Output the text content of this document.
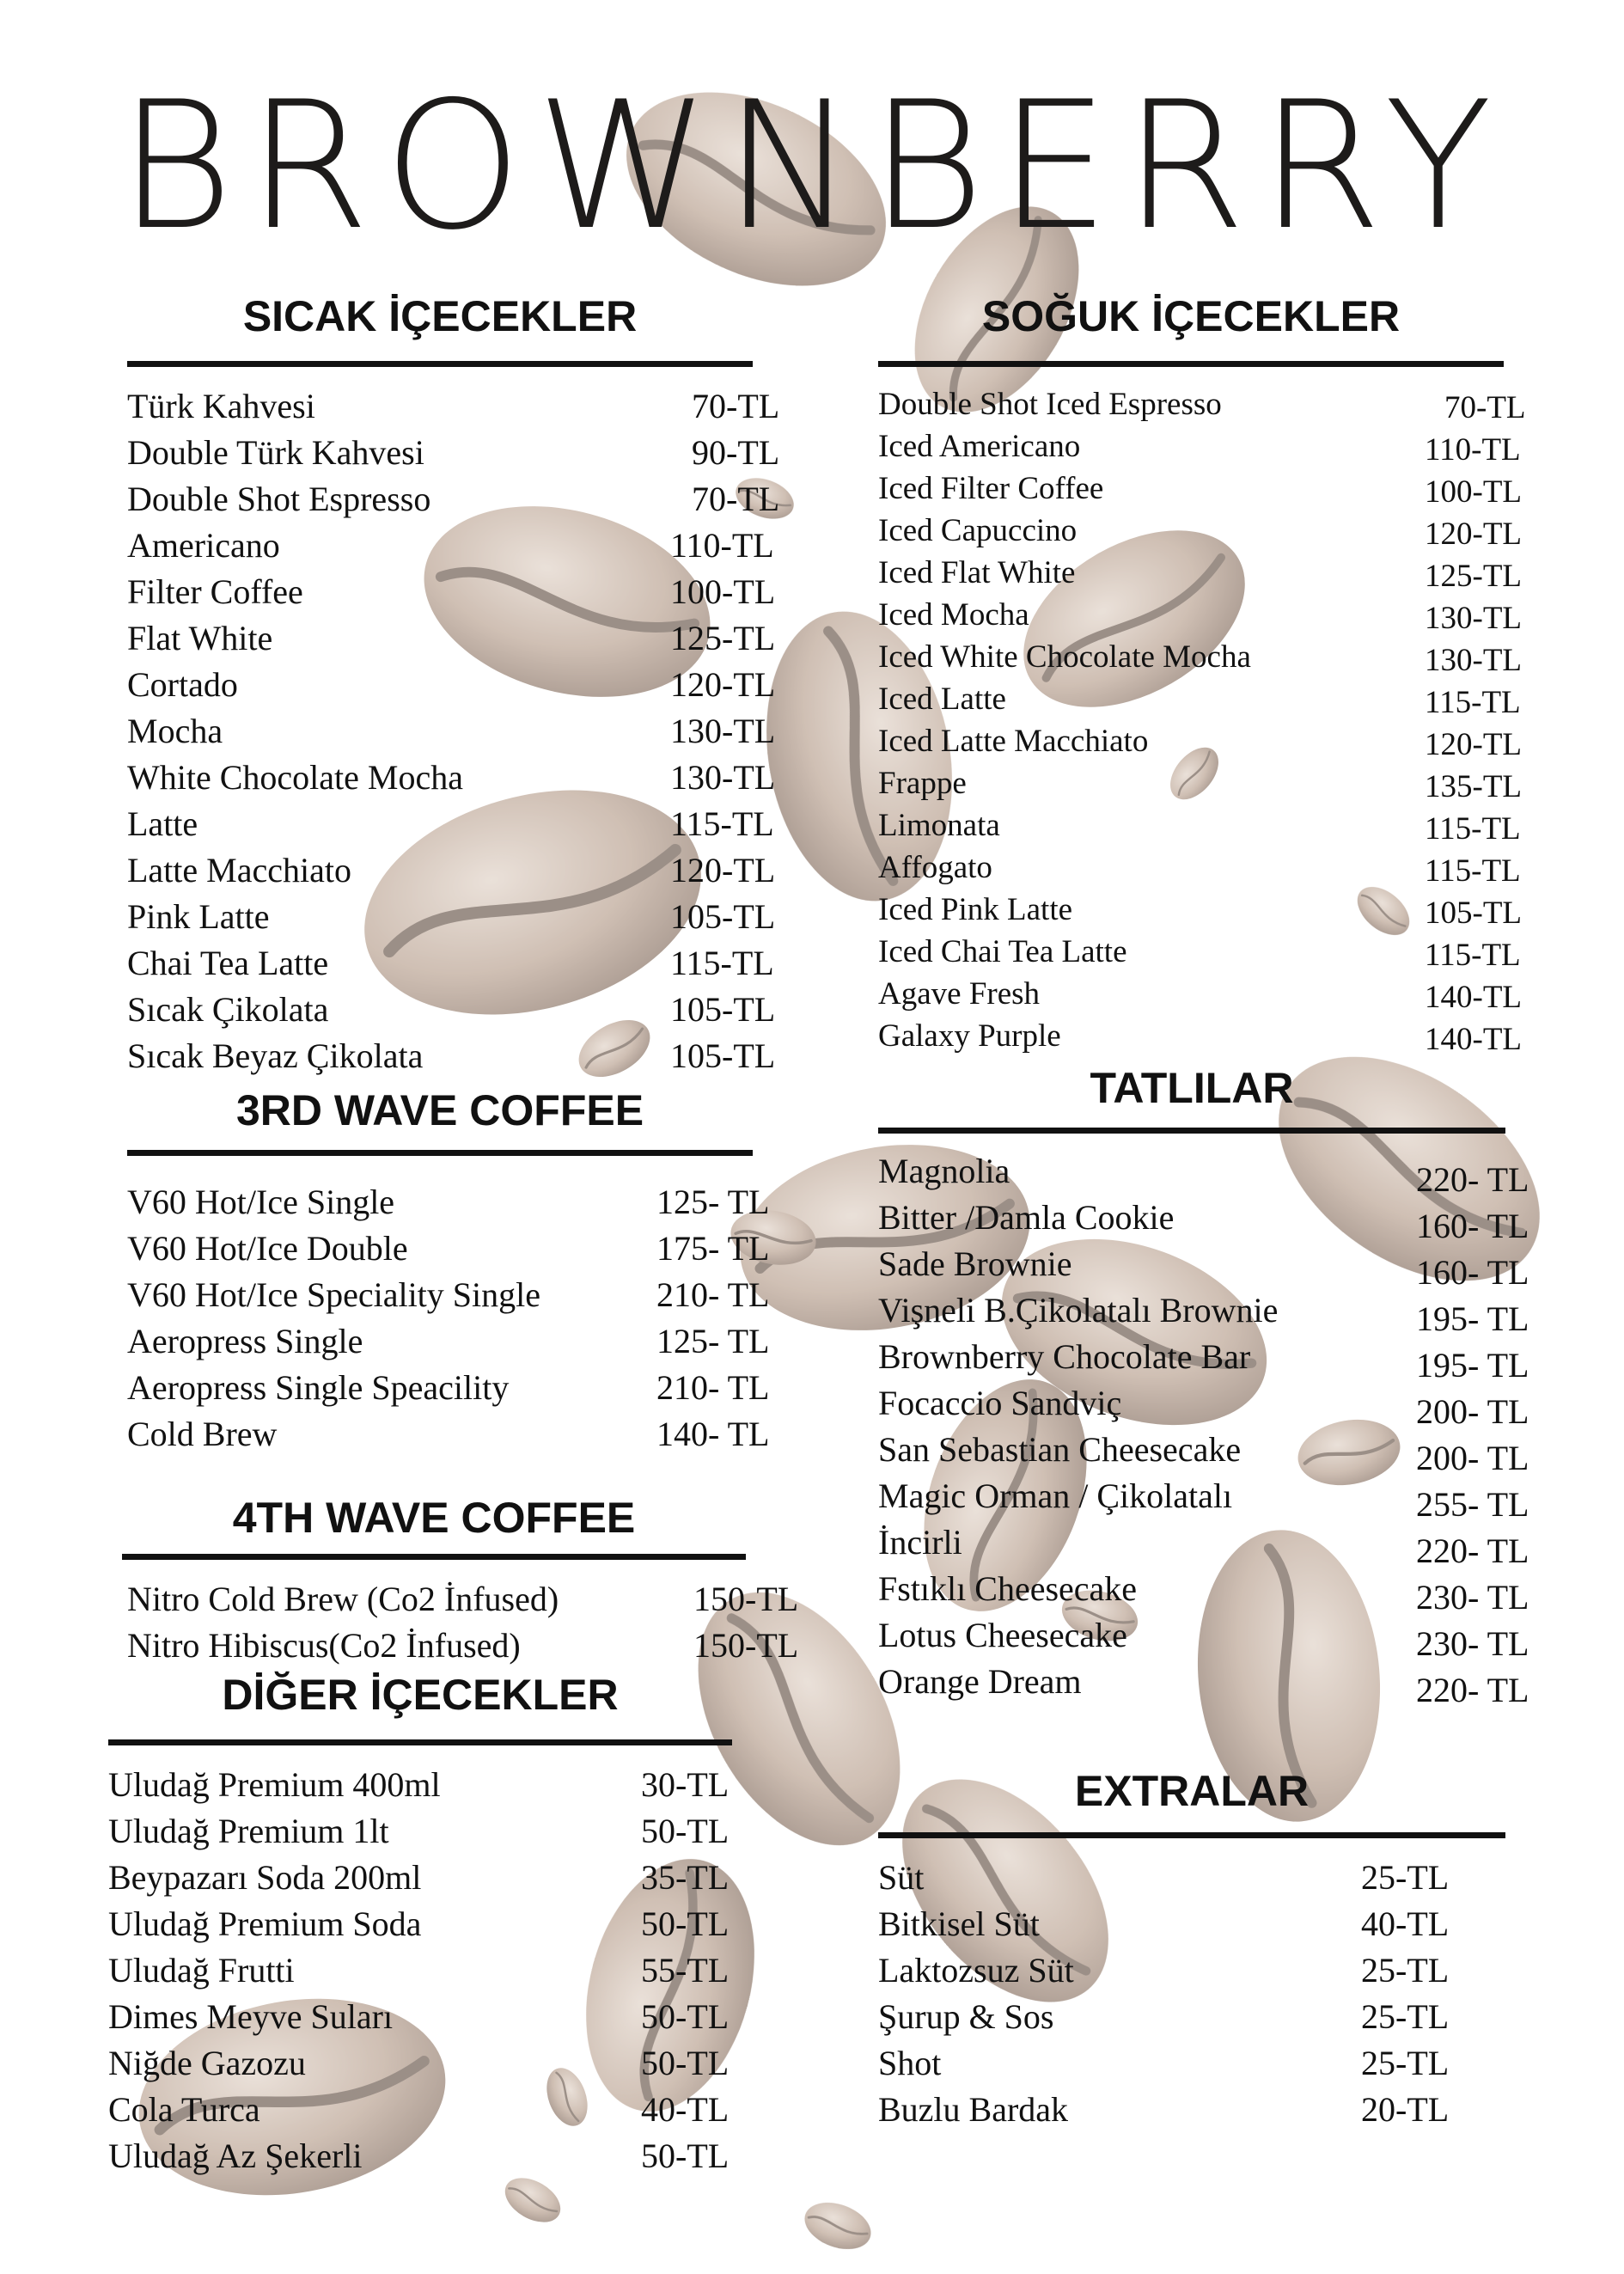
BROWNBERRY
SICAK İÇECEKLER
Türk Kahvesi	70-TL
Double Türk Kahvesi	90-TL
Double Shot Espresso	70-TL
Americano	110-TL
Filter Coffee	100-TL
Flat White	125-TL
Cortado	120-TL
Mocha	130-TL
White Chocolate Mocha	130-TL
Latte	115-TL
Latte Macchiato	120-TL
Pink Latte	105-TL
Chai Tea Latte	115-TL
Sıcak Çikolata	105-TL
Sıcak Beyaz Çikolata	105-TL
3RD WAVE COFFEE
V60 Hot/Ice Single	125- TL
V60 Hot/Ice Double	175- TL
V60 Hot/Ice Speciality Single	210- TL
Aeropress Single	125- TL
Aeropress Single Speacility	210- TL
Cold Brew	140- TL
4TH WAVE COFFEE
Nitro Cold Brew (Co2 İnfused)	150-TL
Nitro Hibiscus(Co2 İnfused)	150-TL
DİĞER İÇECEKLER
Uludağ Premium 400ml	30-TL
Uludağ Premium 1lt	50-TL
Beypazarı Soda 200ml	35-TL
Uludağ Premium Soda	50-TL
Uludağ Frutti	55-TL
Dimes Meyve Suları	50-TL
Niğde Gazozu	50-TL
Cola Turca	40-TL
Uludağ Az Şekerli	50-TL
SOĞUK İÇECEKLER
Double Shot Iced Espresso	70-TL
Iced Americano	110-TL
Iced Filter Coffee	100-TL
Iced Capuccino	120-TL
Iced Flat White	125-TL
Iced Mocha	130-TL
Iced White Chocolate Mocha	130-TL
Iced Latte	115-TL
Iced Latte Macchiato	120-TL
Frappe	135-TL
Limonata	115-TL
Affogato	115-TL
Iced Pink Latte	105-TL
Iced Chai Tea Latte	115-TL
Agave Fresh	140-TL
Galaxy Purple	140-TL
TATLILAR
Magnolia	220- TL
Bitter /Damla Cookie	160- TL
Sade Brownie	160- TL
Vişneli B.Çikolatalı Brownie	195- TL
Brownberry Chocolate Bar	195- TL
Focaccio Sandviç	200- TL
San Sebastian Cheesecake	200- TL
Magic Orman / Çikolatalı	255- TL
İncirli	220- TL
Fstıklı Cheesecake	230- TL
Lotus Cheesecake	230- TL
Orange Dream	220- TL
EXTRALAR
Süt	25-TL
Bitkisel Süt	40-TL
Laktozsuz Süt	25-TL
Şurup & Sos	25-TL
Shot	25-TL
Buzlu Bardak	20-TL
